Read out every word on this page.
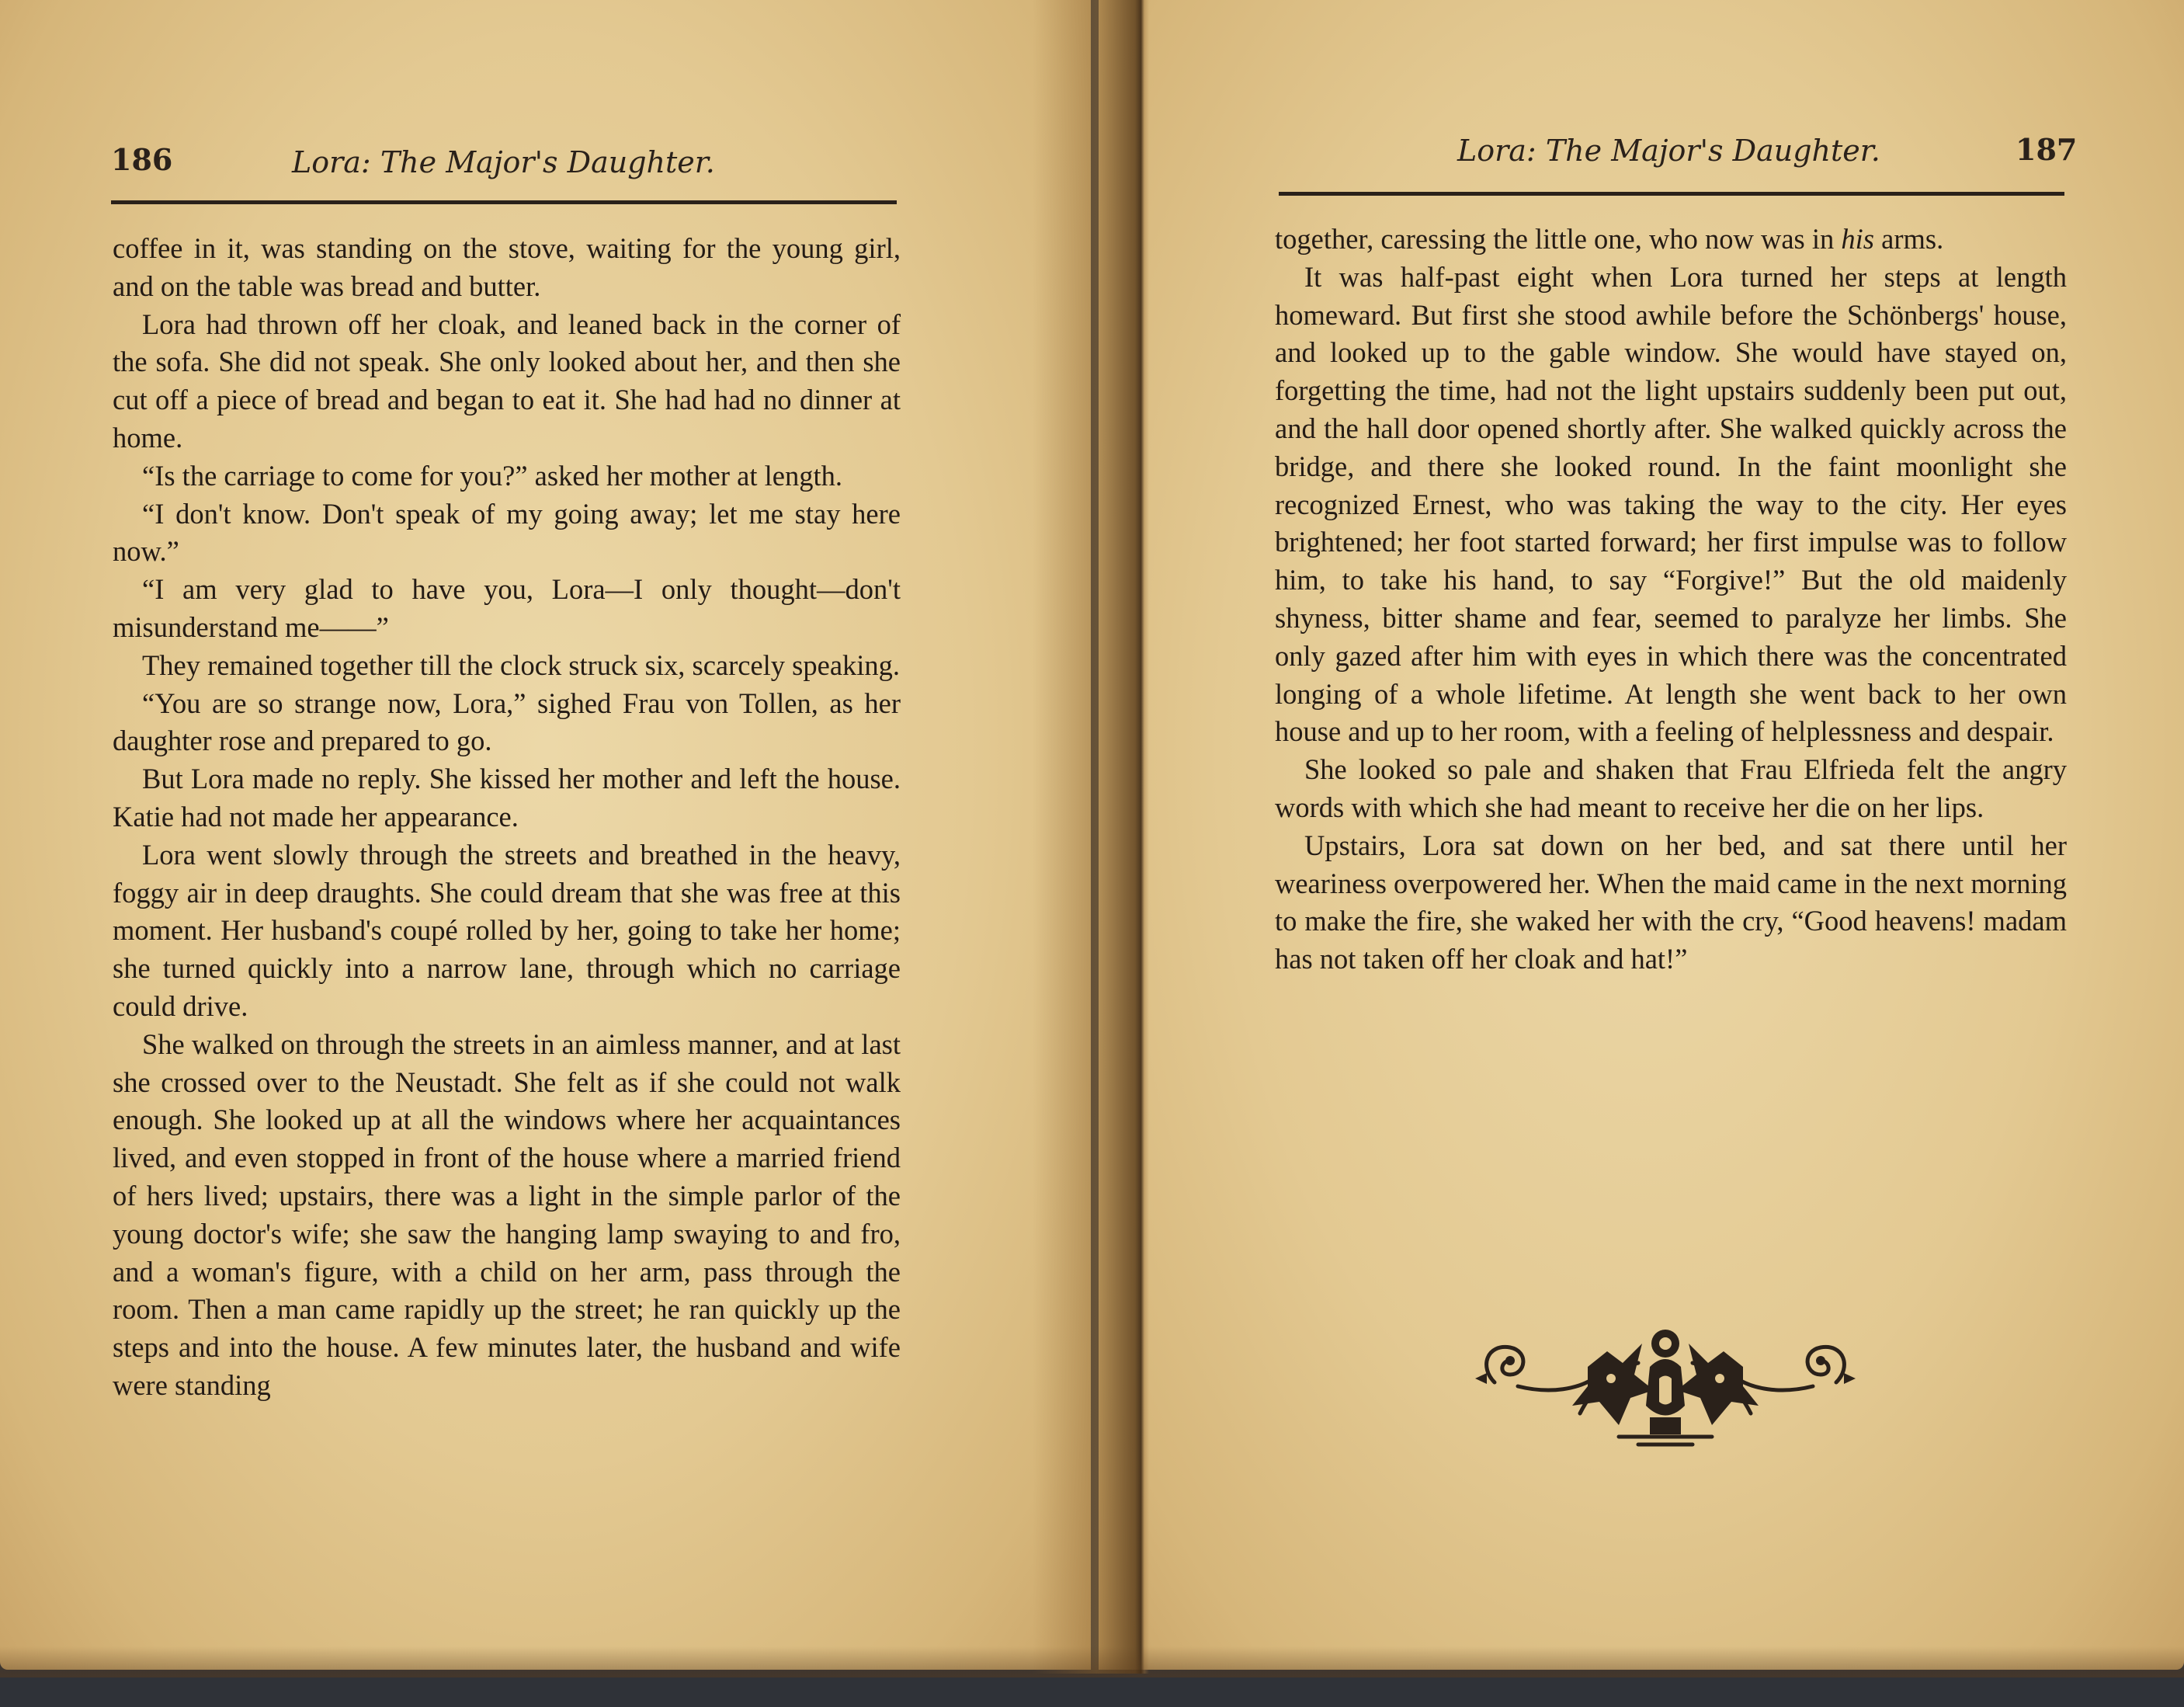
186	Lora: The Major's Daughter.

coffee in it, was standing on the stove, waiting for the young girl, and on the table was bread and butter.

Lora had thrown off her cloak, and leaned back in the corner of the sofa. She did not speak. She only looked about her, and then she cut off a piece of bread and began to eat it. She had had no dinner at home.

“Is the carriage to come for you?” asked her mother at length.

“I don't know. Don't speak of my going away; let me stay here now.”

“I am very glad to have you, Lora—I only thought—don't misunderstand me——”

They remained together till the clock struck six, scarcely speaking.

“You are so strange now, Lora,” sighed Frau von Tollen, as her daughter rose and prepared to go.

But Lora made no reply. She kissed her mother and left the house. Katie had not made her appearance.

Lora went slowly through the streets and breathed in the heavy, foggy air in deep draughts. She could dream that she was free at this moment. Her husband's coupé rolled by her, going to take her home; she turned quickly into a narrow lane, through which no carriage could drive.

She walked on through the streets in an aimless manner, and at last she crossed over to the Neustadt. She felt as if she could not walk enough. She looked up at all the windows where her acquaintances lived, and even stopped in front of the house where a married friend of hers lived; upstairs, there was a light in the simple parlor of the young doctor's wife; she saw the hanging lamp swaying to and fro, and a woman's figure, with a child on her arm, pass through the room. Then a man came rapidly up the street; he ran quickly up the steps and into the house. A few minutes later, the husband and wife were standing

Lora: The Major's Daughter.	187

together, caressing the little one, who now was in his arms.

It was half-past eight when Lora turned her steps at length homeward. But first she stood awhile before the Schönbergs' house, and looked up to the gable window. She would have stayed on, forgetting the time, had not the light upstairs suddenly been put out, and the hall door opened shortly after. She walked quickly across the bridge, and there she looked round. In the faint moonlight she recognized Ernest, who was taking the way to the city. Her eyes brightened; her foot started forward; her first impulse was to follow him, to take his hand, to say “Forgive!” But the old maidenly shyness, bitter shame and fear, seemed to paralyze her limbs. She only gazed after him with eyes in which there was the concentrated longing of a whole lifetime. At length she went back to her own house and up to her room, with a feeling of helplessness and despair.

She looked so pale and shaken that Frau Elfrieda felt the angry words with which she had meant to receive her die on her lips.

Upstairs, Lora sat down on her bed, and sat there until her weariness overpowered her. When the maid came in the next morning to make the fire, she waked her with the cry, “Good heavens! madam has not taken off her cloak and hat!”
